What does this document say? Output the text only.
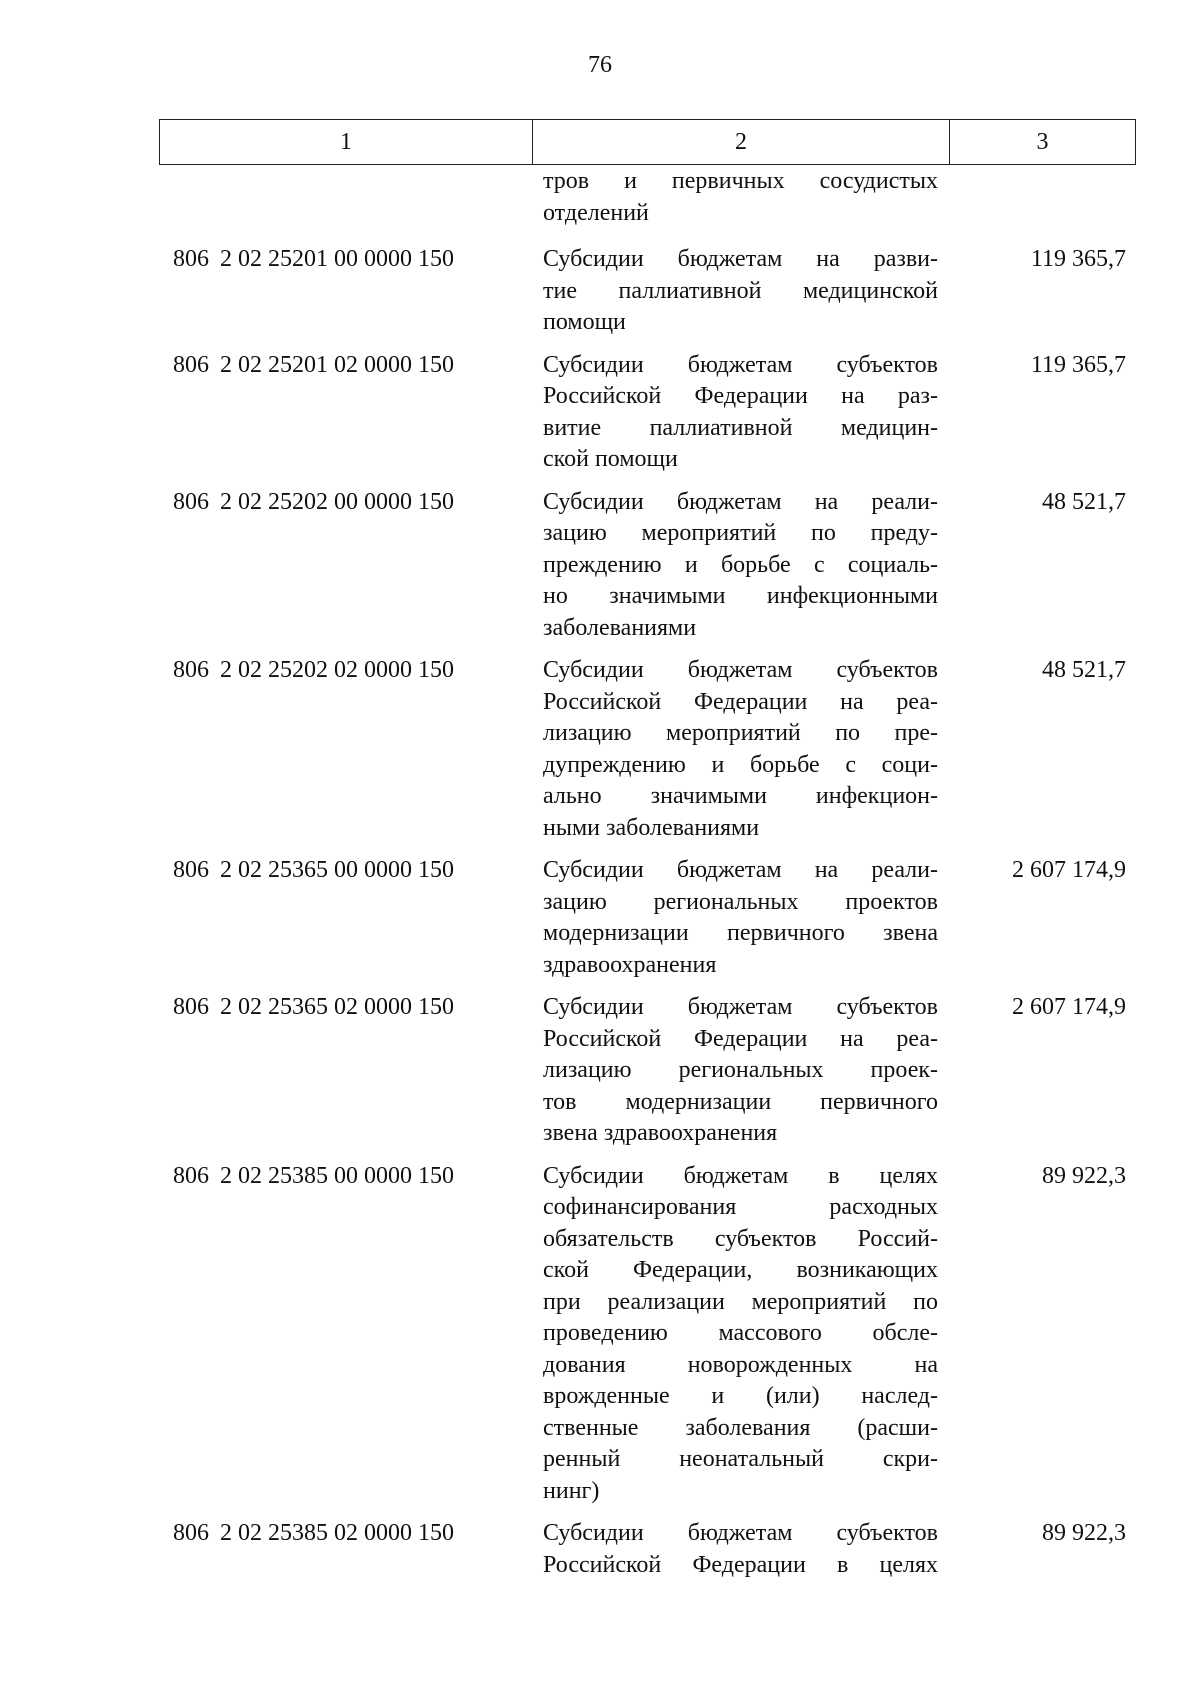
76
1	2	3
тров и первичных сосудистых
отделений
806 2 02 25201 00 0000 150	Субсидии бюджетам на разви-
тие паллиативной медицинской
помощи
119 365,7
806 2 02 25201 02 0000 150	Субсидии бюджетам субъектов
Российской Федерации на раз-
витие паллиативной медицин-
ской помощи
119 365,7
806 2 02 25202 00 0000 150	Субсидии бюджетам на реали-
зацию мероприятий по преду-
преждению и борьбе с социаль-
но значимыми инфекционными
заболеваниями
48 521,7
806 2 02 25202 02 0000 150	Субсидии бюджетам субъектов
Российской Федерации на реа-
лизацию мероприятий по пре-
дупреждению и борьбе с соци-
ально значимыми инфекцион-
ными заболеваниями
48 521,7
806 2 02 25365 00 0000 150	Субсидии бюджетам на реали-
зацию региональных проектов
модернизации первичного звена
здравоохранения
2 607 174,9
806 2 02 25365 02 0000 150	Субсидии бюджетам субъектов
Российской Федерации на реа-
лизацию региональных проек-
тов модернизации первичного
звена здравоохранения
2 607 174,9
806 2 02 25385 00 0000 150	Субсидии бюджетам в целях
софинансирования расходных
обязательств субъектов Россий-
ской Федерации, возникающих
при реализации мероприятий по
проведению массового обсле-
дования новорожденных на
врожденные и (или) наслед-
ственные заболевания (расши-
ренный неонатальный скри-
нинг)
89 922,3
806 2 02 25385 02 0000 150	Субсидии бюджетам субъектов
Российской Федерации в целях
89 922,3
